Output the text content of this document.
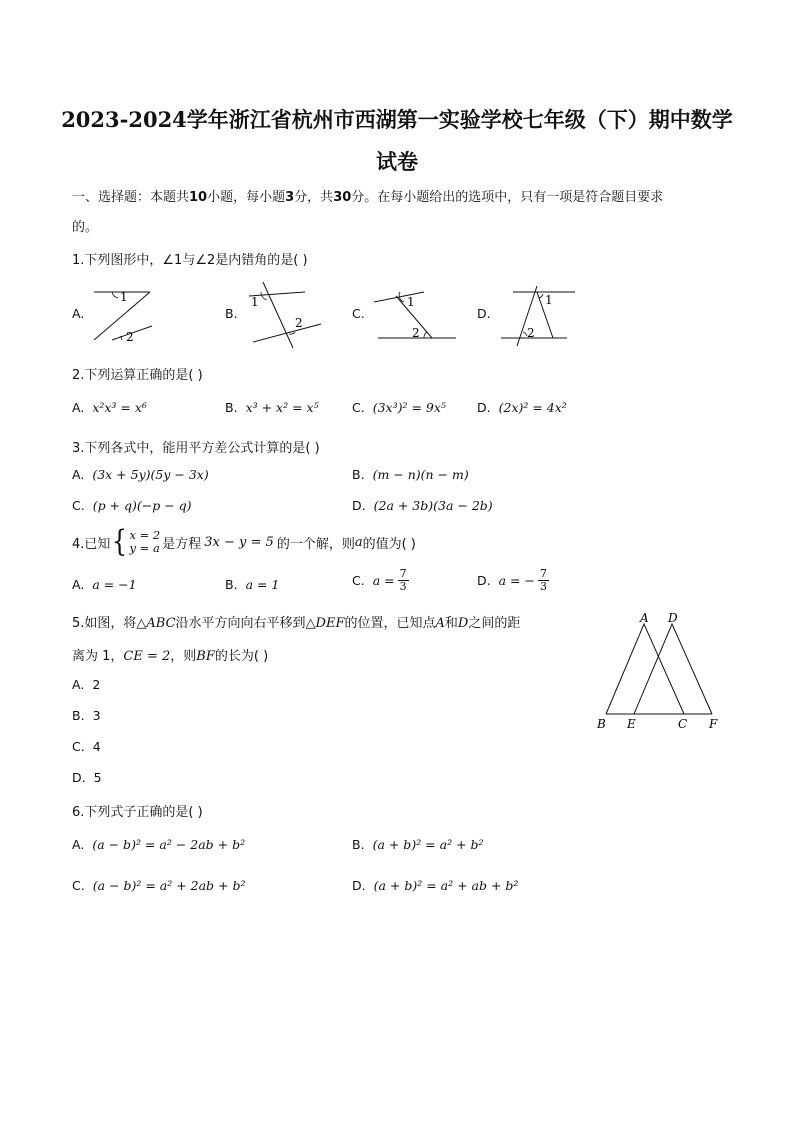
2023-2024学年浙江省杭州市西湖第一实验学校七年级（下）期中数学
试卷
一、选择题：本题共10小题，每小题3分，共30分。在每小题给出的选项中，只有一项是符合题目要求
的。
1.下列图形中，∠1与∠2是内错角的是( )
A.
1
2
B.
1
2
C.
1
2
D.
1
2
2.下列运算正确的是( )
A. x²x³ = x⁶	B. x³ + x² = x⁵	C. (3x³)² = 9x⁵ D. (2x)² = 4x²
3.下列各式中，能用平方差公式计算的是( )
A. (3x + 5y)(5y − 3x)	B. (m − n)(n − m)
C. (p + q)(−p − q)	D. (2a + 3b)(3a − 2b)
4.已知 { x = 2
y = a 是方程 3x − y = 5 的一个解，则 a 的值为( )
A. a = −1	B. a = 1	C. $a = \frac{7}{3}$	D. a = − $\frac{7}{3}$
5.如图，将△ABC沿水平方向向右平移到△DEF的位置，已知点A和D之间的距
离为 1，CE = 2，则BF的长为( )
A. 2
B. 3
C. 4
D. 5
A D
B E	C F
6.下列式子正确的是( )
A. (a − b)² = a² − 2ab + b²	B. (a + b)² = a² + b²
C. (a − b)² = a² + 2ab + b²	D. (a + b)² = a² + ab + b²
